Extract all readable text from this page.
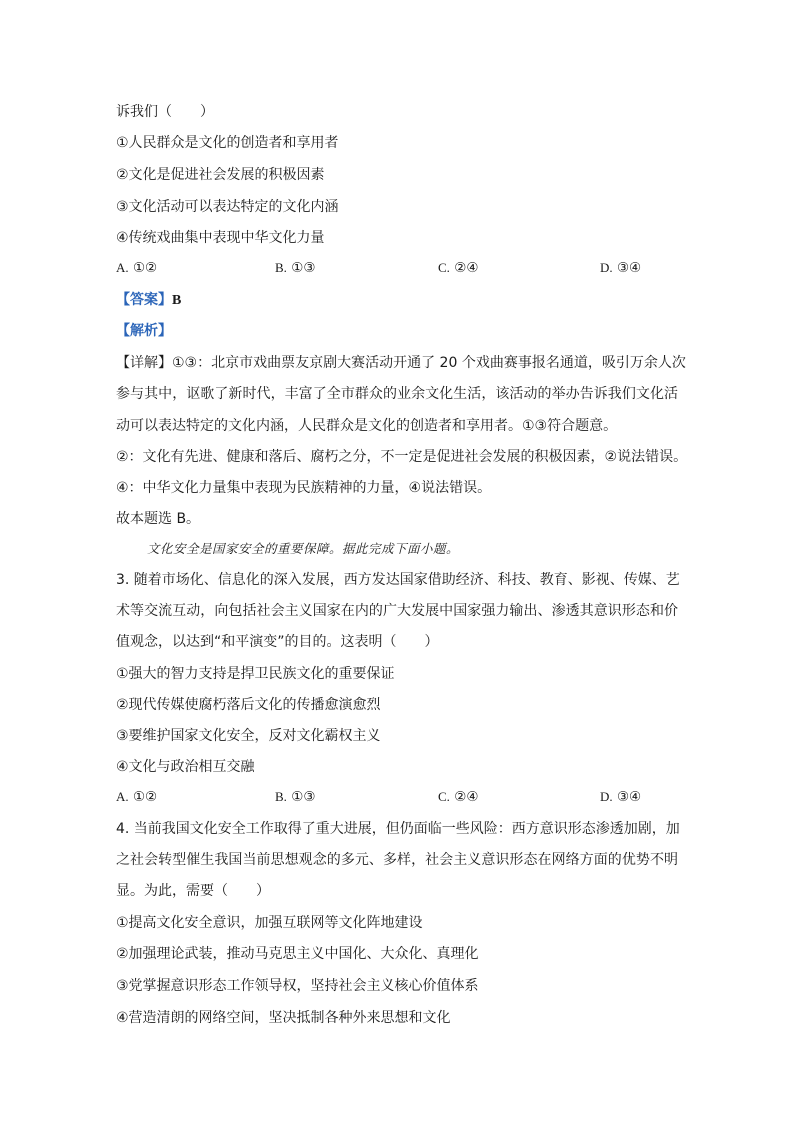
诉我们（　　）
①人民群众是文化的创造者和享用者
②文化是促进社会发展的积极因素
③文化活动可以表达特定的文化内涵
④传统戏曲集中表现中华文化力量
A. ①②	B. ①③	C. ②④	D. ③④
【答案】B
【解析】
【详解】①③：北京市戏曲票友京剧大赛活动开通了 20 个戏曲赛事报名通道，吸引万余人次
参与其中，讴歌了新时代，丰富了全市群众的业余文化生活，该活动的举办告诉我们文化活
动可以表达特定的文化内涵，人民群众是文化的创造者和享用者。①③符合题意。
②：文化有先进、健康和落后、腐朽之分，不一定是促进社会发展的积极因素，②说法错误。
④：中华文化力量集中表现为民族精神的力量，④说法错误。
故本题选 B。
文化安全是国家安全的重要保障。据此完成下面小题。
3. 随着市场化、信息化的深入发展，西方发达国家借助经济、科技、教育、影视、传媒、艺
术等交流互动，向包括社会主义国家在内的广大发展中国家强力输出、渗透其意识形态和价
值观念，以达到“和平演变”的目的。这表明（　　）
①强大的智力支持是捍卫民族文化的重要保证
②现代传媒使腐朽落后文化的传播愈演愈烈
③要维护国家文化安全，反对文化霸权主义
④文化与政治相互交融
A. ①②	B. ①③	C. ②④	D. ③④
4. 当前我国文化安全工作取得了重大进展，但仍面临一些风险：西方意识形态渗透加剧，加
之社会转型催生我国当前思想观念的多元、多样，社会主义意识形态在网络方面的优势不明
显。为此，需要（　　）
①提高文化安全意识，加强互联网等文化阵地建设
②加强理论武装，推动马克思主义中国化、大众化、真理化
③党掌握意识形态工作领导权，坚持社会主义核心价值体系
④营造清朗的网络空间，坚决抵制各种外来思想和文化
